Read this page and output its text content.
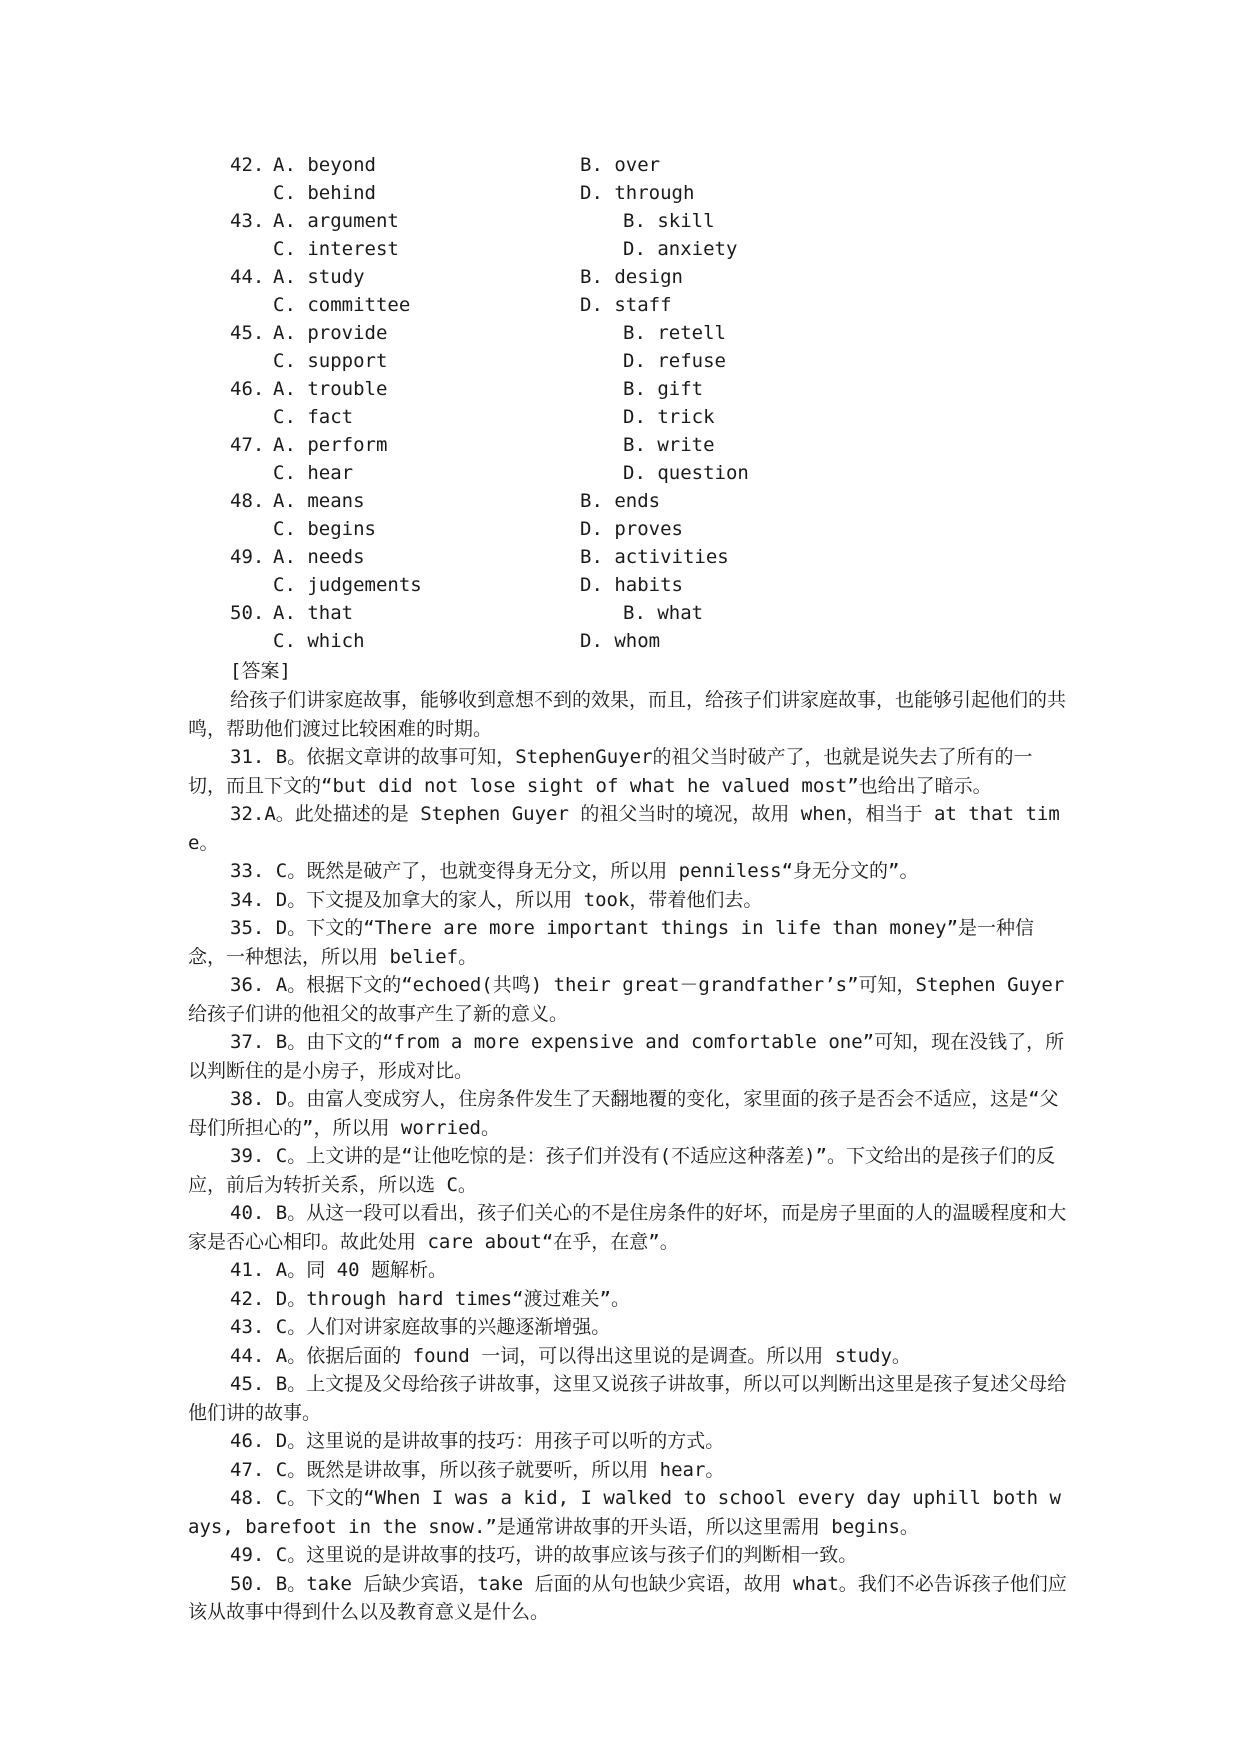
42. A. beyond	B. over
C. behind	D. through
43. A. argument	B. skill
C. interest	D. anxiety
44. A. study	B. design
C. committee	D. staff
45. A. provide	B. retell
C. support	D. refuse
46. A. trouble	B. gift
C. fact	D. trick
47. A. perform	B. write
C. hear	D. question
48. A. means	B. ends
C. begins	D. proves
49. A. needs	B. activities
C. judgements	D. habits
50. A. that	B. what
C. which	D. whom
[答案]

给孩子们讲家庭故事，能够收到意想不到的效果，而且，给孩子们讲家庭故事，也能够引起他们的共鸣，帮助他们渡过比较困难的时期。

31. B。依据文章讲的故事可知，StephenGuyer的祖父当时破产了，也就是说失去了所有的一切，而且下文的“but did not lose sight of what he valued most”也给出了暗示。

32.A。此处描述的是 Stephen Guyer 的祖父当时的境况，故用 when，相当于 at that time。

33. C。既然是破产了，也就变得身无分文，所以用 penniless“身无分文的”。

34. D。下文提及加拿大的家人，所以用 took，带着他们去。

35. D。下文的“There are more important things in life than money”是一种信念，一种想法，所以用 belief。

36. A。根据下文的“echoed(共鸣) their great－grandfather’s”可知，Stephen Guyer 给孩子们讲的他祖父的故事产生了新的意义。

37. B。由下文的“from a more expensive and comfortable one”可知，现在没钱了，所以判断住的是小房子，形成对比。

38. D。由富人变成穷人，住房条件发生了天翻地覆的变化，家里面的孩子是否会不适应，这是“父母们所担心的”，所以用 worried。

39. C。上文讲的是“让他吃惊的是：孩子们并没有(不适应这种落差)”。下文给出的是孩子们的反应，前后为转折关系，所以选 C。

40. B。从这一段可以看出，孩子们关心的不是住房条件的好坏，而是房子里面的人的温暖程度和大家是否心心相印。故此处用 care about“在乎，在意”。

41. A。同 40 题解析。

42. D。through hard times“渡过难关”。

43. C。人们对讲家庭故事的兴趣逐渐增强。

44. A。依据后面的 found 一词，可以得出这里说的是调查。所以用 study。

45. B。上文提及父母给孩子讲故事，这里又说孩子讲故事，所以可以判断出这里是孩子复述父母给他们讲的故事。

46. D。这里说的是讲故事的技巧：用孩子可以听的方式。

47. C。既然是讲故事，所以孩子就要听，所以用 hear。

48. C。下文的“When I was a kid, I walked to school every day uphill both ways, barefoot in the snow.”是通常讲故事的开头语，所以这里需用 begins。

49. C。这里说的是讲故事的技巧，讲的故事应该与孩子们的判断相一致。

50. B。take 后缺少宾语，take 后面的从句也缺少宾语，故用 what。我们不必告诉孩子他们应该从故事中得到什么以及教育意义是什么。
